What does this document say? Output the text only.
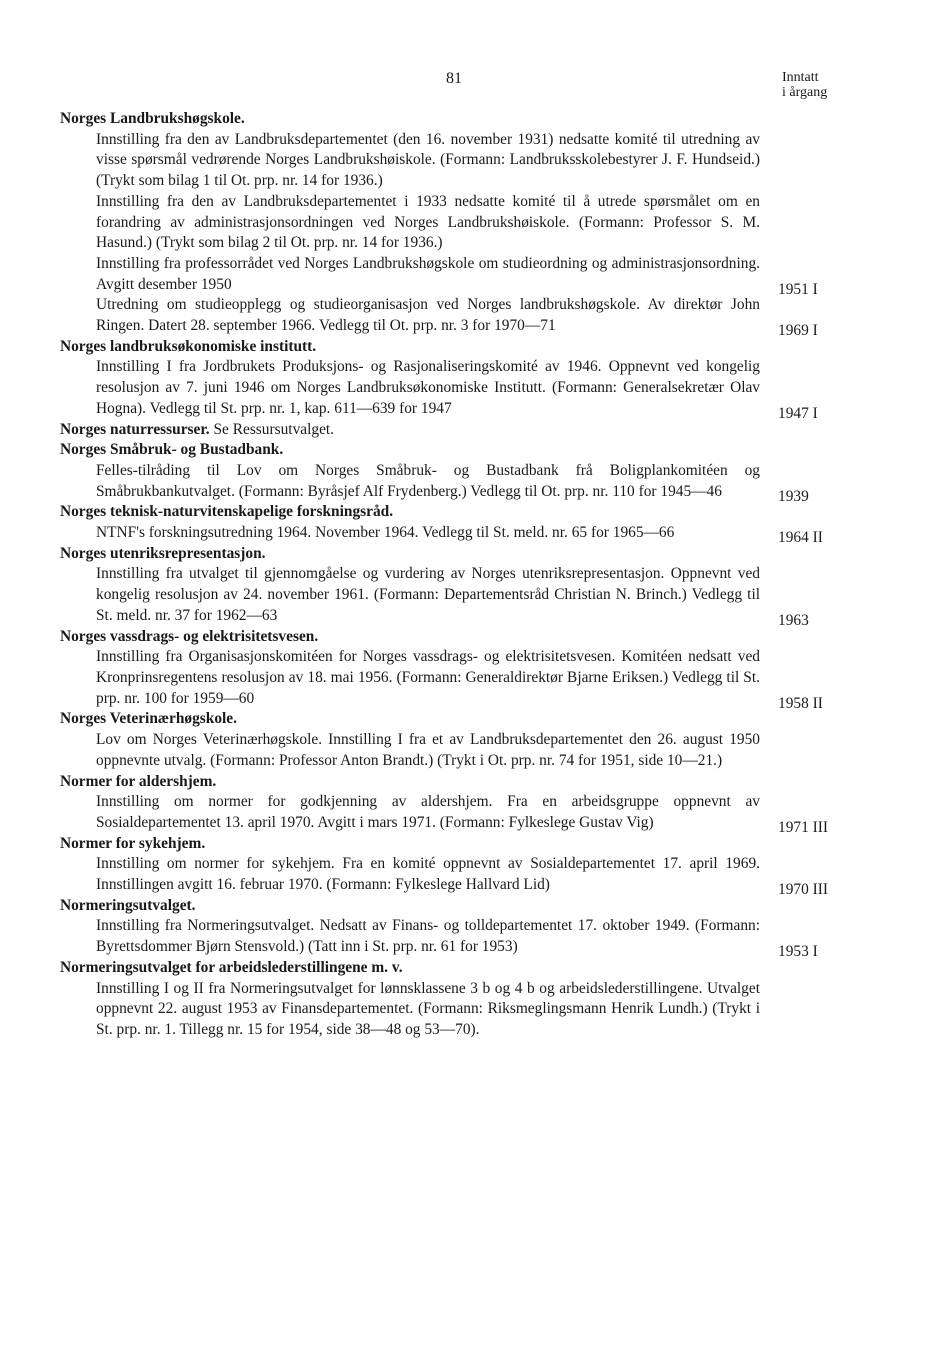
81	Inntatt
i årgang
Norges Landbrukshøgskole.
Innstilling fra den av Landbruksdepartementet (den 16. november 1931) nedsatte komité til utredning av visse spørsmål vedrørende Norges Landbrukshøiskole. (Formann: Landbruksskolebestyrer J. F. Hundseid.) (Trykt som bilag 1 til Ot. prp. nr. 14 for 1936.)
Innstilling fra den av Landbruksdepartementet i 1933 nedsatte komité til å utrede spørsmålet om en forandring av administrasjonsordningen ved Norges Landbrukshøiskole. (Formann: Professor S. M. Hasund.) (Trykt som bilag 2 til Ot. prp. nr. 14 for 1936.)
Innstilling fra professorrådet ved Norges Landbrukshøgskole om studieordning og administrasjonsordning. Avgitt desember 1950	1951 I
Utredning om studieopplegg og studieorganisasjon ved Norges landbrukshøgskole. Av direktør John Ringen. Datert 28. september 1966. Vedlegg til Ot. prp. nr. 3 for 1970—71	1969 I
Norges landbruksøkonomiske institutt.
Innstilling I fra Jordbrukets Produksjons- og Rasjonaliseringskomité av 1946. Oppnevnt ved kongelig resolusjon av 7. juni 1946 om Norges Landbruksøkonomiske Institutt. (Formann: Generalsekretær Olav Hogna). Vedlegg til St. prp. nr. 1, kap. 611—639 for 1947	1947 I
Norges naturressurser. Se Ressursutvalget.
Norges Småbruk- og Bustadbank.
Felles-tilråding til Lov om Norges Småbruk- og Bustadbank frå Boligplankomitéen og Småbrukbankutvalget. (Formann: Byråsjef Alf Frydenberg.) Vedlegg til Ot. prp. nr. 110 for 1945—46	1939
Norges teknisk-naturvitenskapelige forskningsråd.
NTNF's forskningsutredning 1964. November 1964. Vedlegg til St. meld. nr. 65 for 1965—66	1964 II
Norges utenriksrepresentasjon.
Innstilling fra utvalget til gjennomgåelse og vurdering av Norges utenriksrepresentasjon. Oppnevnt ved kongelig resolusjon av 24. november 1961. (Formann: Departementsråd Christian N. Brinch.) Vedlegg til St. meld. nr. 37 for 1962—63	1963
Norges vassdrags- og elektrisitetsvesen.
Innstilling fra Organisasjonskomitéen for Norges vassdrags- og elektrisitetsvesen. Komitéen nedsatt ved Kronprinsregentens resolusjon av 18. mai 1956. (Formann: Generaldirektør Bjarne Eriksen.) Vedlegg til St. prp. nr. 100 for 1959—60	1958 II
Norges Veterinærhøgskole.
Lov om Norges Veterinærhøgskole. Innstilling I fra et av Landbruksdepartementet den 26. august 1950 oppnevnte utvalg. (Formann: Professor Anton Brandt.) (Trykt i Ot. prp. nr. 74 for 1951, side 10—21.)
Normer for aldershjem.
Innstilling om normer for godkjenning av aldershjem. Fra en arbeidsgruppe oppnevnt av Sosialdepartementet 13. april 1970. Avgitt i mars 1971. (Formann: Fylkeslege Gustav Vig)	1971 III
Normer for sykehjem.
Innstilling om normer for sykehjem. Fra en komité oppnevnt av Sosialdepartementet 17. april 1969. Innstillingen avgitt 16. februar 1970. (Formann: Fylkeslege Hallvard Lid)	1970 III
Normeringsutvalget.
Innstilling fra Normeringsutvalget. Nedsatt av Finans- og tolldepartementet 17. oktober 1949. (Formann: Byrettsdommer Bjørn Stensvold.) (Tatt inn i St. prp. nr. 61 for 1953)	1953 I
Normeringsutvalget for arbeidslederstillingene m. v.
Innstilling I og II fra Normeringsutvalget for lønnsklassene 3 b og 4 b og arbeidslederstillingene. Utvalget oppnevnt 22. august 1953 av Finansdepartementet. (Formann: Riksmeglingsmann Henrik Lundh.) (Trykt i St. prp. nr. 1. Tillegg nr. 15 for 1954, side 38—48 og 53—70).
